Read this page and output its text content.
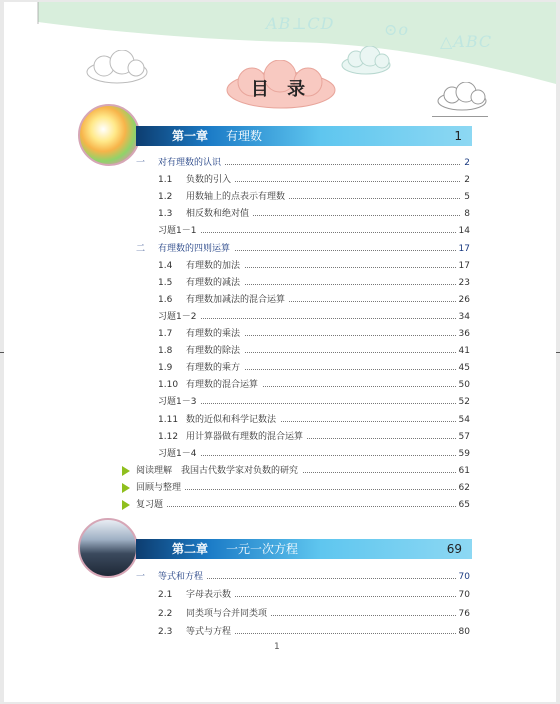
AB⊥CD	⊙o
△ABC
目 录
第一章 有理数	1
一 对有理数的认识	2
1.1 负数的引入	2
1.2 用数轴上的点表示有理数	5
1.3 相反数和绝对值	8
习题1－1	14
二 有理数的四则运算	17
1.4 有理数的加法	17
1.5 有理数的减法	23
1.6 有理数加减法的混合运算	26
习题1－2	34
1.7 有理数的乘法	36
1.8 有理数的除法	41
1.9 有理数的乘方	45
1.10 有理数的混合运算	50
习题1－3	52
1.11 数的近似和科学记数法	54
1.12 用计算器做有理数的混合运算	57
习题1－4	59
阅读理解　我国古代数学家对负数的研究	61
回顾与整理	62
复习题	65
第二章 一元一次方程	69
一 等式和方程	70
2.1 字母表示数	70
2.2 同类项与合并同类项	76
2.3 等式与方程	80
1
